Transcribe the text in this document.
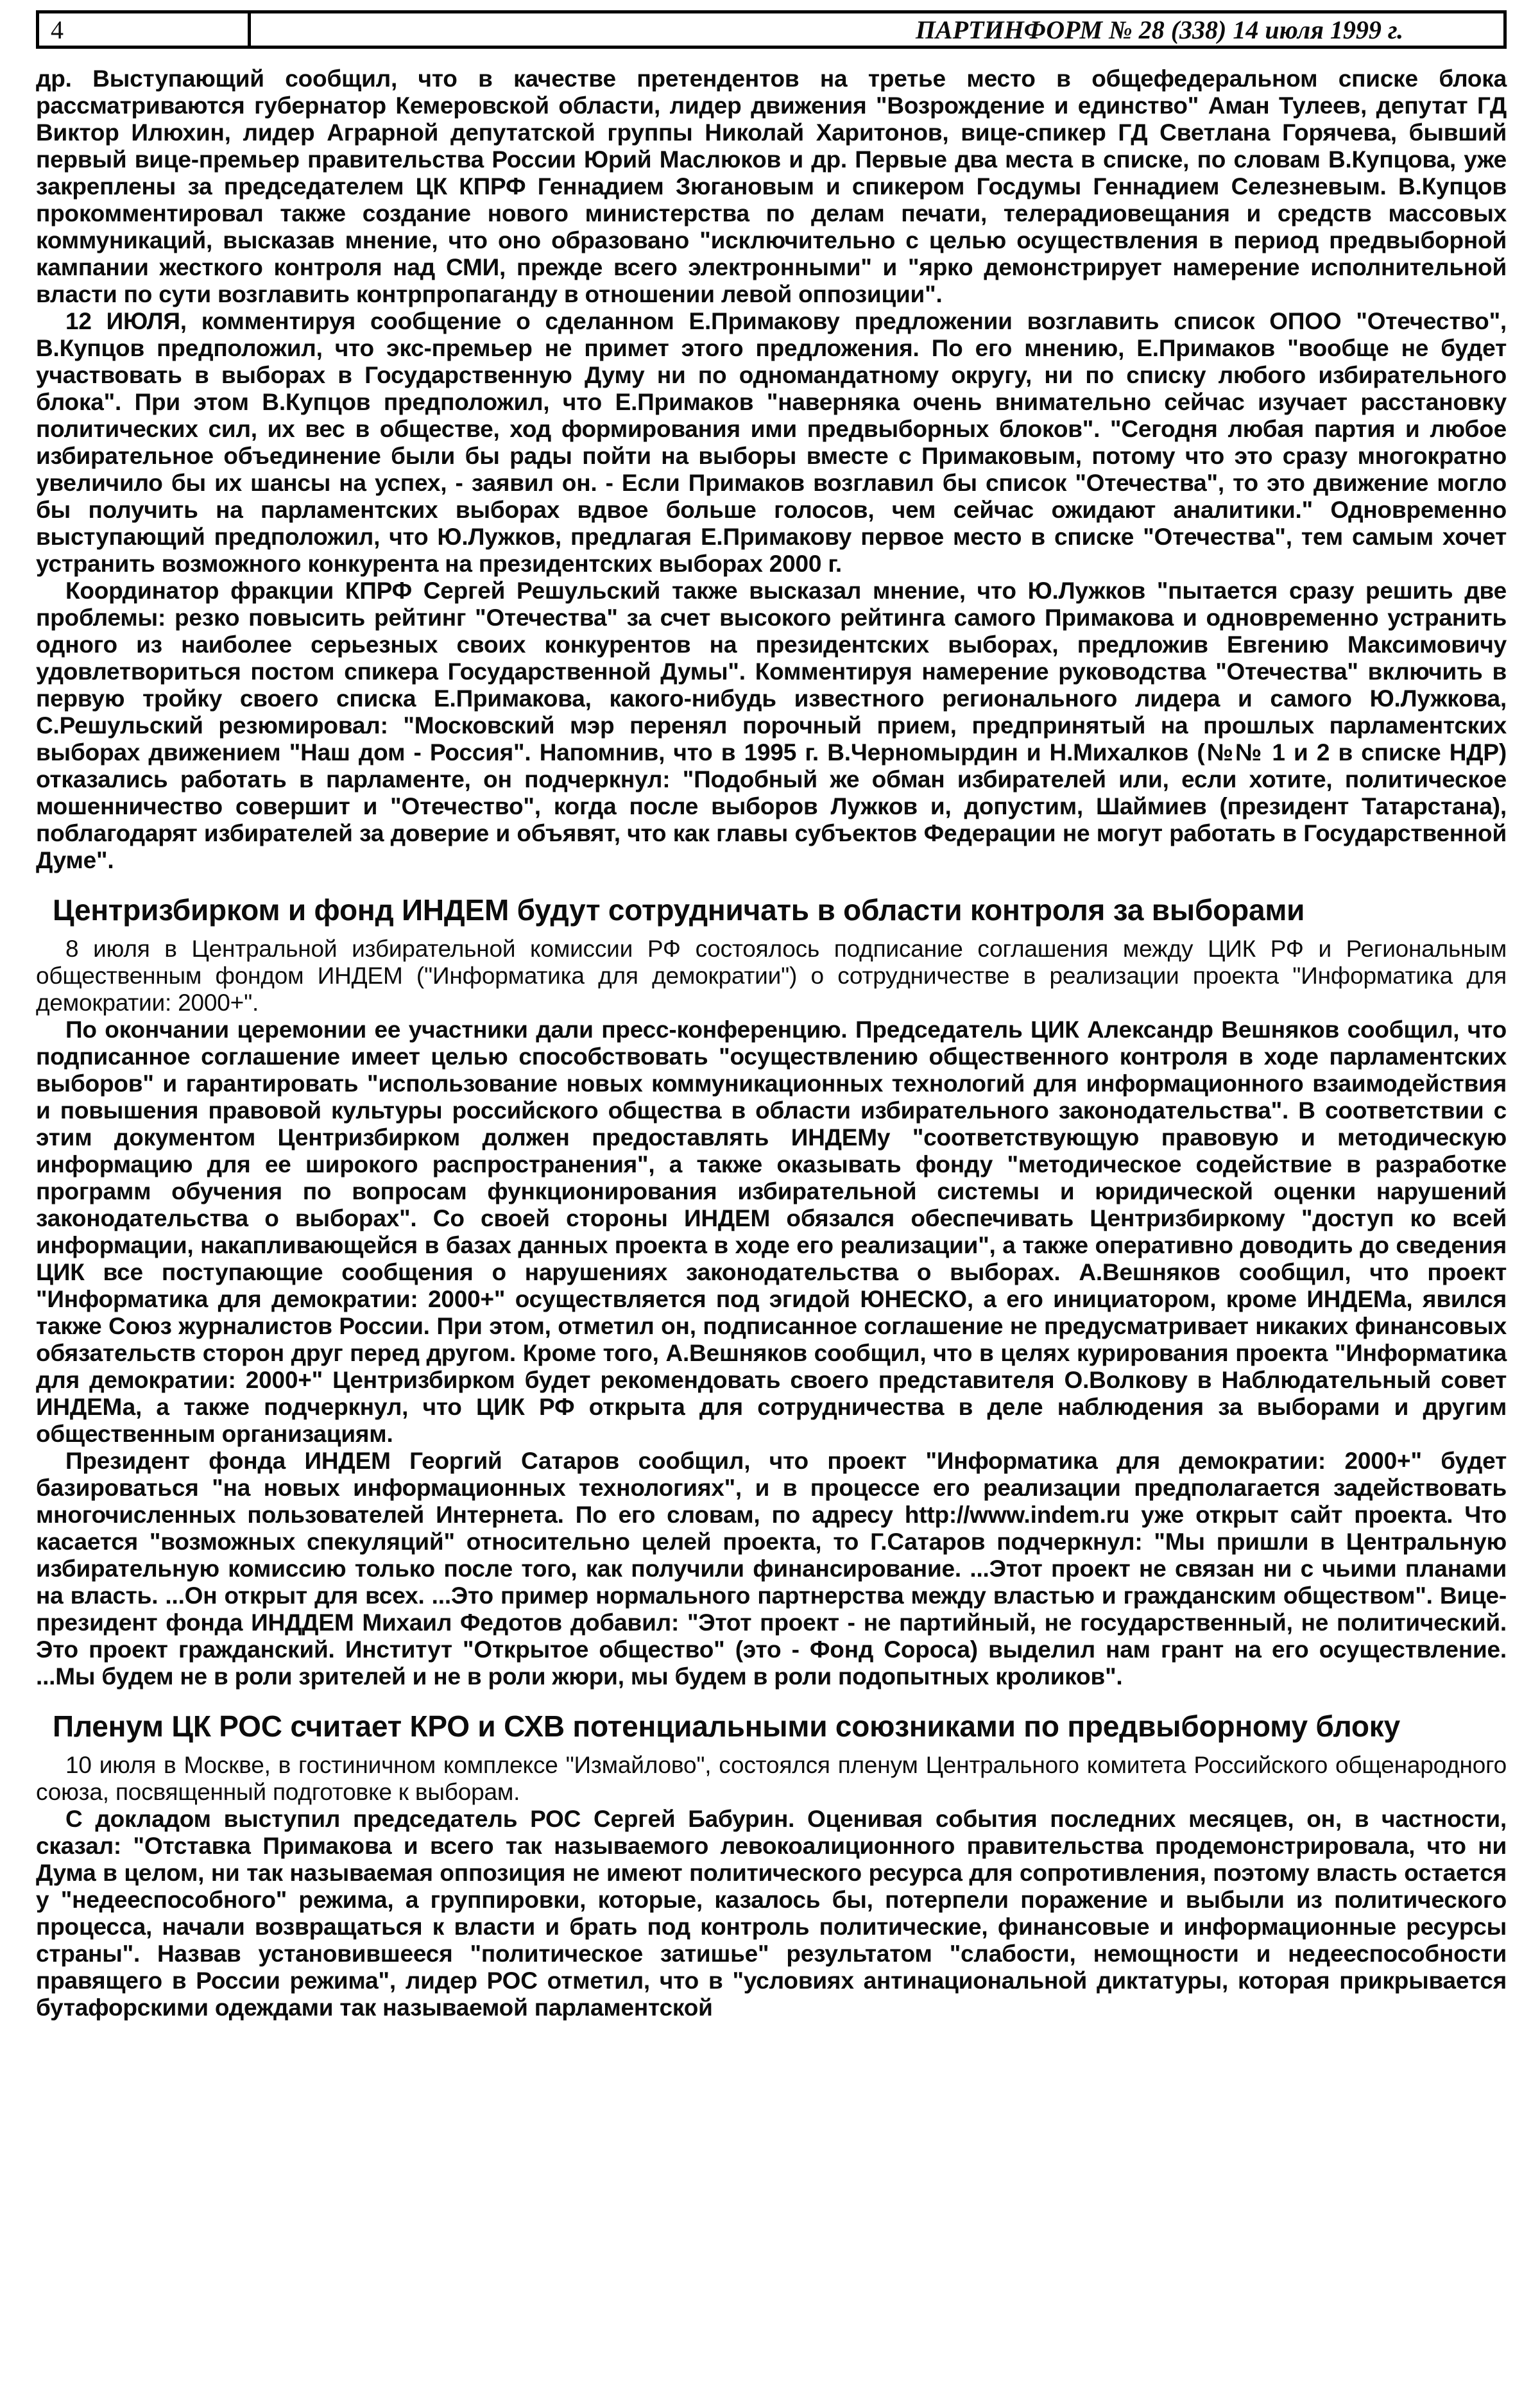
4	ПАРТИНФОРМ № 28 (338) 14 июля 1999 г.

др. Выступающий сообщил, что в качестве претендентов на третье место в общефедеральном списке блока рассматриваются губернатор Кемеровской области, лидер движения "Возрождение и единство" Аман Тулеев, депутат ГД Виктор Илюхин, лидер Аграрной депутатской группы Николай Харитонов, вице-спикер ГД Светлана Горячева, бывший первый вице-премьер правительства России Юрий Маслюков и др. Первые два места в списке, по словам В.Купцова, уже закреплены за председателем ЦК КПРФ Геннадием Зюгановым и спикером Госдумы Геннадием Селезневым. В.Купцов прокомментировал также создание нового министерства по делам печати, телерадиовещания и средств массовых коммуникаций, высказав мнение, что оно образовано "исключительно с целью осуществления в период предвыборной кампании жесткого контроля над СМИ, прежде всего электронными" и "ярко демонстрирует намерение исполнительной власти по сути возглавить контрпропаганду в отношении левой оппозиции".

12 ИЮЛЯ, комментируя сообщение о сделанном Е.Примакову предложении возглавить список ОПОО "Отечество", В.Купцов предположил, что экс-премьер не примет этого предложения. По его мнению, Е.Примаков "вообще не будет участвовать в выборах в Государственную Думу ни по одномандатному округу, ни по списку любого избирательного блока". При этом В.Купцов предположил, что Е.Примаков "наверняка очень внимательно сейчас изучает расстановку политических сил, их вес в обществе, ход формирования ими предвыборных блоков". "Сегодня любая партия и любое избирательное объединение были бы рады пойти на выборы вместе с Примаковым, потому что это сразу многократно увеличило бы их шансы на успех, - заявил он. - Если Примаков возглавил бы список "Отечества", то это движение могло бы получить на парламентских выборах вдвое больше голосов, чем сейчас ожидают аналитики." Одновременно выступающий предположил, что Ю.Лужков, предлагая Е.Примакову первое место в списке "Отечества", тем самым хочет устранить возможного конкурента на президентских выборах 2000 г.

Координатор фракции КПРФ Сергей Решульский также высказал мнение, что Ю.Лужков "пытается сразу решить две проблемы: резко повысить рейтинг "Отечества" за счет высокого рейтинга самого Примакова и одновременно устранить одного из наиболее серьезных своих конкурентов на президентских выборах, предложив Евгению Максимовичу удовлетвориться постом спикера Государственной Думы". Комментируя намерение руководства "Отечества" включить в первую тройку своего списка Е.Примакова, какого-нибудь известного регионального лидера и самого Ю.Лужкова, С.Решульский резюмировал: "Московский мэр перенял порочный прием, предпринятый на прошлых парламентских выборах движением "Наш дом - Россия". Напомнив, что в 1995 г. В.Черномырдин и Н.Михалков (№№ 1 и 2 в списке НДР) отказались работать в парламенте, он подчеркнул: "Подобный же обман избирателей или, если хотите, политическое мошенничество совершит и "Отечество", когда после выборов Лужков и, допустим, Шаймиев (президент Татарстана), поблагодарят избирателей за доверие и объявят, что как главы субъектов Федерации не могут работать в Государственной Думе".

Центризбирком и фонд ИНДЕМ будут сотрудничать в области контроля за выборами

8 июля в Центральной избирательной комиссии РФ состоялось подписание соглашения между ЦИК РФ и Региональным общественным фондом ИНДЕМ ("Информатика для демократии") о сотрудничестве в реализации проекта "Информатика для демократии: 2000+".

По окончании церемонии ее участники дали пресс-конференцию. Председатель ЦИК Александр Вешняков сообщил, что подписанное соглашение имеет целью способствовать "осуществлению общественного контроля в ходе парламентских выборов" и гарантировать "использование новых коммуникационных технологий для информационного взаимодействия и повышения правовой культуры российского общества в области избирательного законодательства". В соответствии с этим документом Центризбирком должен предоставлять ИНДЕМу "соответствующую правовую и методическую информацию для ее широкого распространения", а также оказывать фонду "методическое содействие в разработке программ обучения по вопросам функционирования избирательной системы и юридической оценки нарушений законодательства о выборах". Со своей стороны ИНДЕМ обязался обеспечивать Центризбиркому "доступ ко всей информации, накапливающейся в базах данных проекта в ходе его реализации", а также оперативно доводить до сведения ЦИК все поступающие сообщения о нарушениях законодательства о выборах. А.Вешняков сообщил, что проект "Информатика для демократии: 2000+" осуществляется под эгидой ЮНЕСКО, а его инициатором, кроме ИНДЕМа, явился также Союз журналистов России. При этом, отметил он, подписанное соглашение не предусматривает никаких финансовых обязательств сторон друг перед другом. Кроме того, А.Вешняков сообщил, что в целях курирования проекта "Информатика для демократии: 2000+" Центризбирком будет рекомендовать своего представителя О.Волкову в Наблюдательный совет ИНДЕМа, а также подчеркнул, что ЦИК РФ открыта для сотрудничества в деле наблюдения за выборами и другим общественным организациям.

Президент фонда ИНДЕМ Георгий Сатаров сообщил, что проект "Информатика для демократии: 2000+" будет базироваться "на новых информационных технологиях", и в процессе его реализации предполагается задействовать многочисленных пользователей Интернета. По его словам, по адресу http://www.indem.ru уже открыт сайт проекта. Что касается "возможных спекуляций" относительно целей проекта, то Г.Сатаров подчеркнул: "Мы пришли в Центральную избирательную комиссию только после того, как получили финансирование. ...Этот проект не связан ни с чьими планами на власть. ...Он открыт для всех. ...Это пример нормального партнерства между властью и гражданским обществом". Вице-президент фонда ИНДДЕМ Михаил Федотов добавил: "Этот проект - не партийный, не государственный, не политический. Это проект гражданский. Институт "Открытое общество" (это - Фонд Сороса) выделил нам грант на его осуществление. ...Мы будем не в роли зрителей и не в роли жюри, мы будем в роли подопытных кроликов".

Пленум ЦК РОС считает КРО и СХВ потенциальными союзниками по предвыборному блоку

10 июля в Москве, в гостиничном комплексе "Измайлово", состоялся пленум Центрального комитета Российского общенародного союза, посвященный подготовке к выборам.

С докладом выступил председатель РОС Сергей Бабурин. Оценивая события последних месяцев, он, в частности, сказал: "Отставка Примакова и всего так называемого левокоалиционного правительства продемонстрировала, что ни Дума в целом, ни так называемая оппозиция не имеют политического ресурса для сопротивления, поэтому власть остается у "недееспособного" режима, а группировки, которые, казалось бы, потерпели поражение и выбыли из политического процесса, начали возвращаться к власти и брать под контроль политические, финансовые и информационные ресурсы страны". Назвав установившееся "политическое затишье" результатом "слабости, немощности и недееспособности правящего в России режима", лидер РОС отметил, что в "условиях антинациональной диктатуры, которая прикрывается бутафорскими одеждами так называемой парламентской
